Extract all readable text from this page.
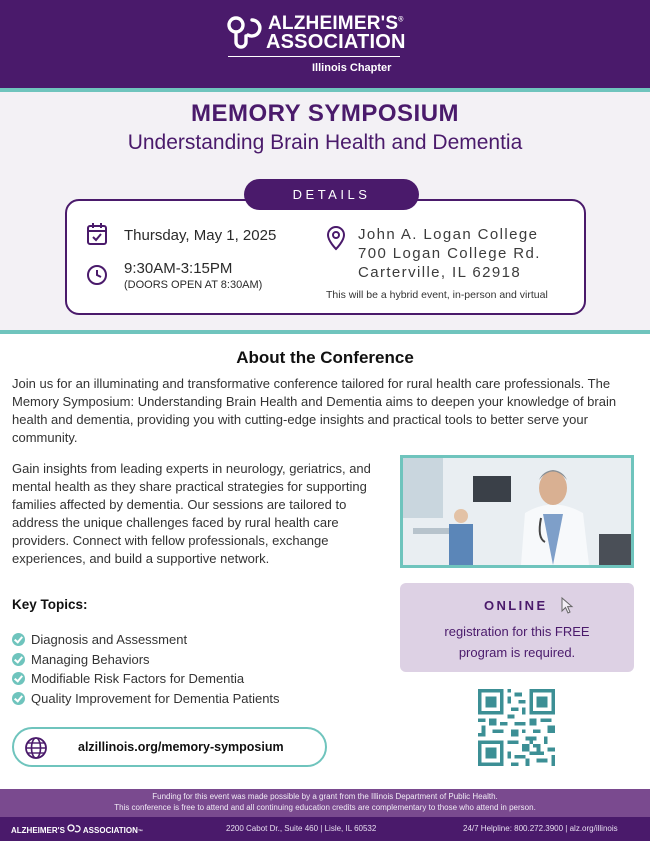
ALZHEIMER'S®
ASSOCIATION
Illinois Chapter
MEMORY SYMPOSIUM
Understanding Brain Health and Dementia
DETAILS
Thursday, May 1, 2025
9:30AM-3:15PM
(DOORS OPEN AT 8:30AM)
John A. Logan College
700 Logan College Rd.
Carterville, IL 62918
This will be a hybrid event, in-person and virtual
About the Conference

Join us for an illuminating and transformative conference tailored for rural health care professionals. The Memory Symposium: Understanding Brain Health and Dementia aims to deepen your knowledge of brain health and dementia, providing you with cutting-edge insights and practical tools to better serve your community.

Gain insights from leading experts in neurology, geriatrics, and mental health as they share practical strategies for supporting families affected by dementia. Our sessions are tailored to address the unique challenges faced by rural health care providers. Connect with fellow professionals, exchange experiences, and build a supportive network.

Key Topics:
Diagnosis and Assessment
Managing Behaviors
Modifiable Risk Factors for Dementia
Quality Improvement for Dementia Patients
alzillinois.org/memory-symposium
ONLINE
registration for this FREE
program is required.
Funding for this event was made possible by a grant from the Illinois Department of Public Health.
This conference is free to attend and all continuing education credits are complementary to those who attend in person.
ALZHEIMER'S ASSOCIATION™	2200 Cabot Dr., Suite 460 | Lisle, IL 60532	24/7 Helpline: 800.272.3900 | alz.org/illinois
